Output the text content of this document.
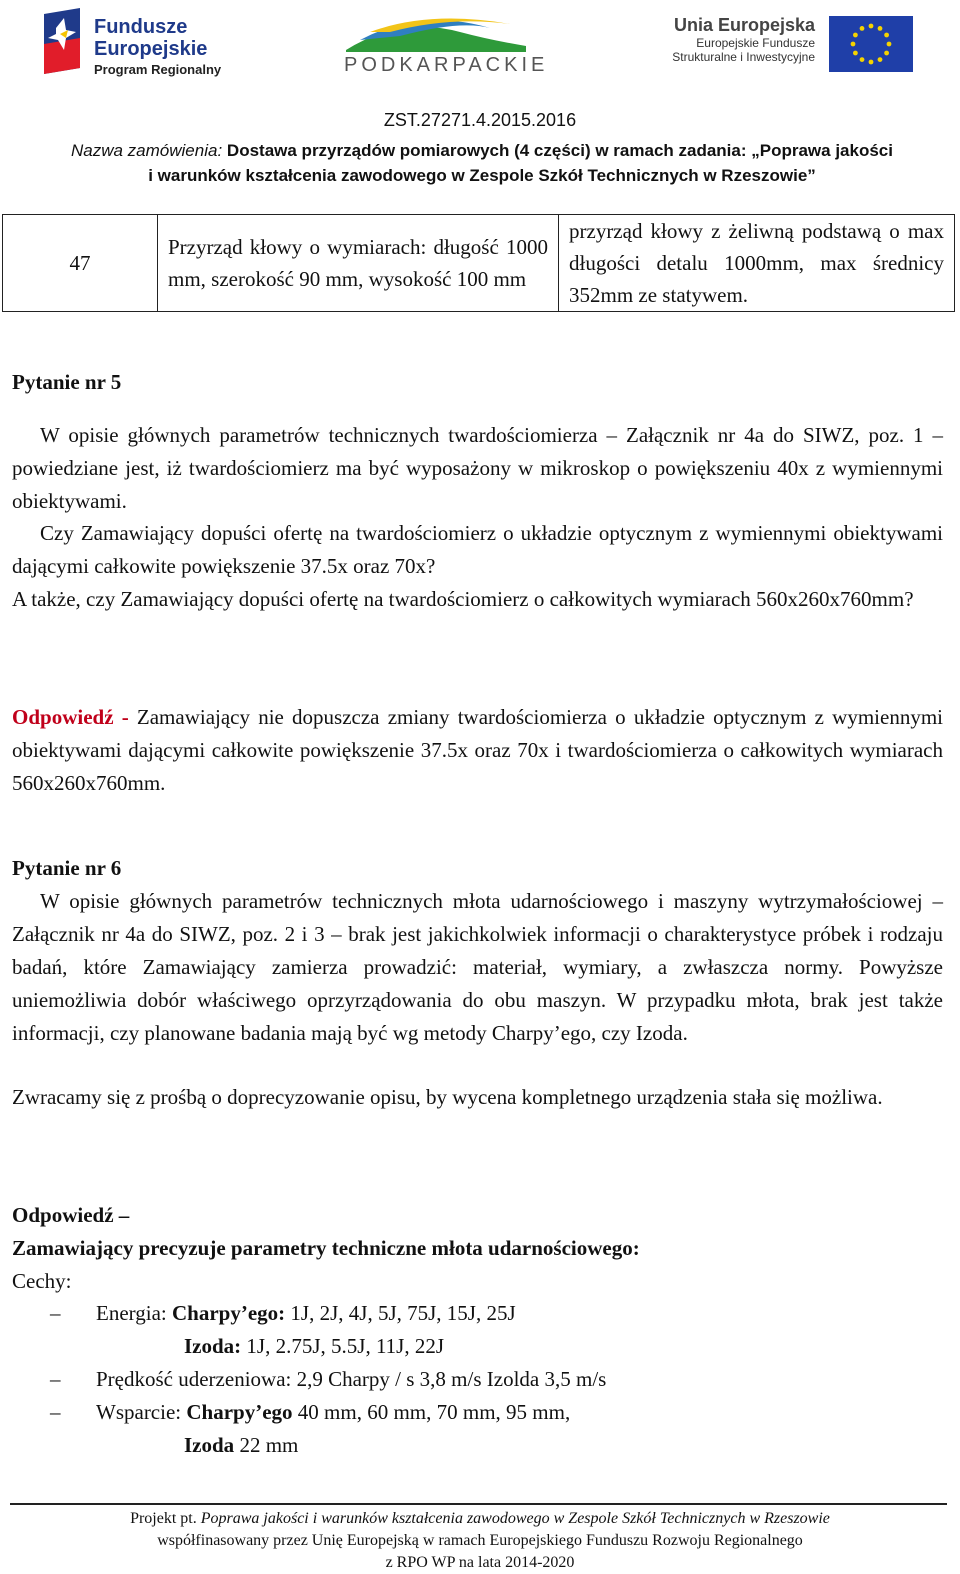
Fundusze
Europejskie
Program Regionalny	PODKARPACKIE
Unia Europejska
Europejskie Fundusze
Strukturalne i Inwestycyjne
ZST.27271.4.2015.2016
Nazwa zamówienia: Dostawa przyrządów pomiarowych (4 części) w ramach zadania: „Poprawa jakości
i warunków kształcenia zawodowego w Zespole Szkół Technicznych w Rzeszowie”
47	Przyrząd kłowy o wymiarach: długość 1000 mm, szerokość 90 mm, wysokość 100 mm	przyrząd kłowy z żeliwną podstawą o max długości detalu 1000mm, max średnicy 352mm ze statywem.
Pytanie nr 5
W opisie głównych parametrów technicznych twardościomierza – Załącznik nr 4a do SIWZ, poz. 1 – powiedziane jest, iż twardościomierz ma być wyposażony w mikroskop o powiększeniu 40x z wymiennymi obiektywami.
Czy Zamawiający dopuści ofertę na twardościomierz o układzie optycznym z wymiennymi obiektywami dającymi całkowite powiększenie 37.5x oraz 70x?
A także, czy Zamawiający dopuści ofertę na twardościomierz o całkowitych wymiarach 560x260x760mm?
Odpowiedź - Zamawiający nie dopuszcza zmiany twardościomierza o układzie optycznym z wymiennymi obiektywami dającymi całkowite powiększenie 37.5x oraz 70x i twardościomierza o całkowitych wymiarach 560x260x760mm.
Pytanie nr 6
W opisie głównych parametrów technicznych młota udarnościowego i maszyny wytrzymałościowej – Załącznik nr 4a do SIWZ, poz. 2 i 3 – brak jest jakichkolwiek informacji o charakterystyce próbek i rodzaju badań, które Zamawiający zamierza prowadzić: materiał, wymiary, a zwłaszcza normy. Powyższe uniemożliwia dobór właściwego oprzyrządowania do obu maszyn. W przypadku młota, brak jest także informacji, czy planowane badania mają być wg metody Charpy’ego, czy Izoda.
Zwracamy się z prośbą o doprecyzowanie opisu, by wycena kompletnego urządzenia stała się możliwa.
Odpowiedź –
Zamawiający precyzuje parametry techniczne młota udarnościowego:
Cechy:
– Energia: Charpy’ego: 1J, 2J, 4J, 5J, 75J, 15J, 25J
Izoda: 1J, 2.75J, 5.5J, 11J, 22J
– Prędkość uderzeniowa: 2,9 Charpy / s 3,8 m/s Izolda 3,5 m/s
– Wsparcie: Charpy’ego 40 mm, 60 mm, 70 mm, 95 mm,
Izoda 22 mm
Projekt pt. Poprawa jakości i warunków kształcenia zawodowego w Zespole Szkół Technicznych w Rzeszowie
współfinasowany przez Unię Europejską w ramach Europejskiego Funduszu Rozwoju Regionalnego
z RPO WP na lata 2014-2020
